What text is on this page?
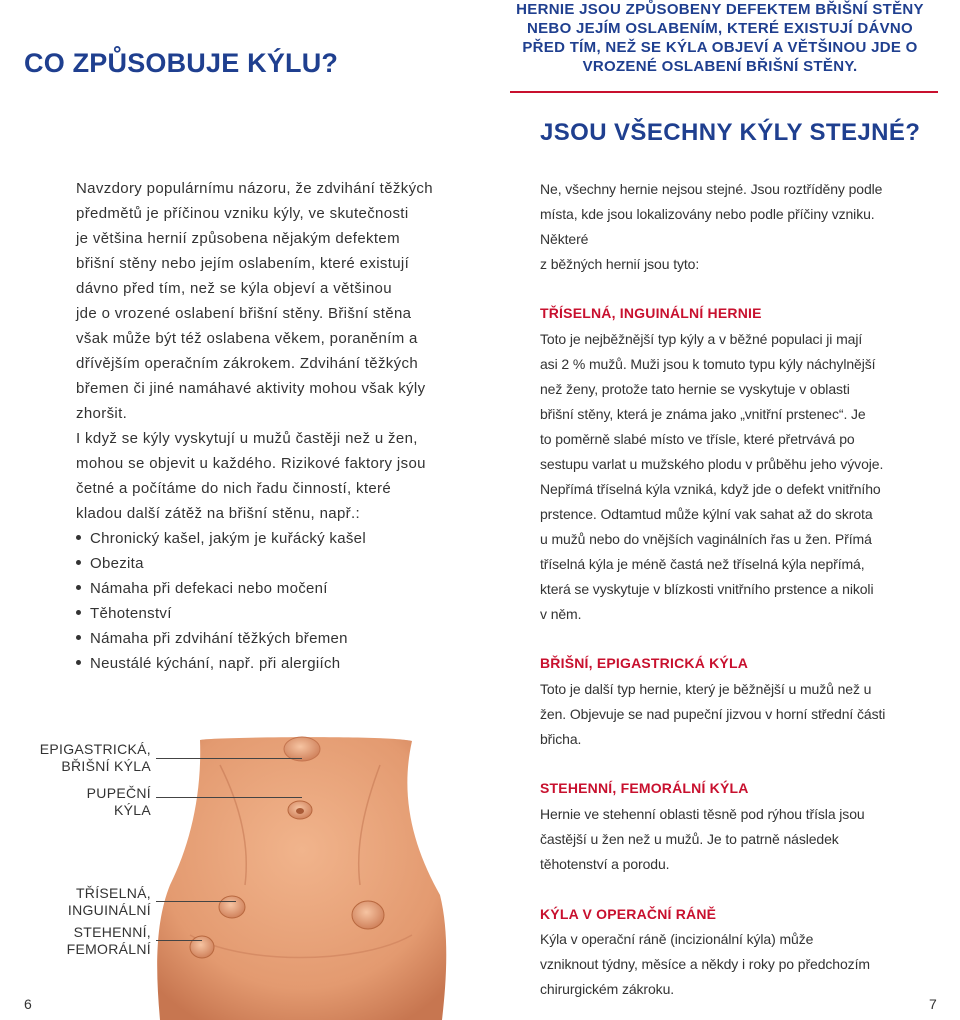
CO ZPŮSOBUJE KÝLU?
Navzdory populárnímu názoru, že zdvihání těžkých
předmětů je příčinou vzniku kýly, ve skutečnosti
je většina hernií způsobena nějakým defektem
břišní stěny nebo jejím oslabením, které existují
dávno před tím, než se kýla objeví a většinou
jde o vrozené oslabení břišní stěny. Břišní stěna
však může být též oslabena věkem, poraněním a
dřívějším operačním zákrokem. Zdvihání těžkých
břemen či jiné namáhavé aktivity mohou však kýly
zhoršit.
I když se kýly vyskytují u mužů častěji než u žen,
mohou se objevit u každého. Rizikové faktory jsou
četné a počítáme do nich řadu činností, které
kladou další zátěž na břišní stěnu, např.:
Chronický kašel, jakým je kuřácký kašel
Obezita
Námaha při defekaci nebo močení
Těhotenství
Námaha při zdvihání těžkých břemen
Neustálé kýchání, např. při alergiích
EPIGASTRICKÁ,
BŘIŠNÍ KÝLA
PUPEČNÍ
KÝLA
TŘÍSELNÁ,
INGUINÁLNÍ
STEHENNÍ,
FEMORÁLNÍ
6
HERNIE JSOU ZPŮSOBENY DEFEKTEM BŘIŠNÍ STĚNY
NEBO JEJÍM OSLABENÍM, KTERÉ EXISTUJÍ DÁVNO
PŘED TÍM, NEŽ SE KÝLA OBJEVÍ A VĚTŠINOU JDE O
VROZENÉ OSLABENÍ BŘIŠNÍ STĚNY.
JSOU VŠECHNY KÝLY STEJNÉ?
Ne, všechny hernie nejsou stejné. Jsou roztříděny podle
místa, kde jsou lokalizovány nebo podle příčiny vzniku.
Některé
z běžných hernií jsou tyto:
TŘÍSELNÁ, INGUINÁLNÍ HERNIE
Toto je nejběžnější typ kýly a v běžné populaci ji mají
asi 2 % mužů. Muži jsou k tomuto typu kýly náchylnější
než ženy, protože tato hernie se vyskytuje v oblasti
břišní stěny, která je známa jako „vnitřní prstenec“. Je
to poměrně slabé místo ve tříslе, které přetrvává po
sestupu varlat u mužského plodu v průběhu jeho vývoje.
Nepřímá tříselná kýla vzniká, když jde o defekt vnitřního
prstence. Odtamtud může kýlní vak sahat až do skrota
u mužů nebo do vnějších vaginálních řas u žen. Přímá
tříselná kýla je méně častá než tříselná kýla nepřímá,
která se vyskytuje v blízkosti vnitřního prstence a nikoli
v něm.
BŘIŠNÍ, EPIGASTRICKÁ KÝLA
Toto je další typ hernie, který je běžnější u mužů než u
žen. Objevuje se nad pupeční jizvou v horní střední části
břicha.
STEHENNÍ, FEMORÁLNÍ KÝLA
Hernie ve stehenní oblasti těsně pod rýhou třísla jsou
častější u žen než u mužů. Je to patrně následek
těhotenství a porodu.
KÝLA V OPERAČNÍ RÁNĚ
Kýla v operační ráně (incizionální kýla) může
vzniknout týdny, měsíce a někdy i roky po předchozím
chirurgickém zákroku.
7
